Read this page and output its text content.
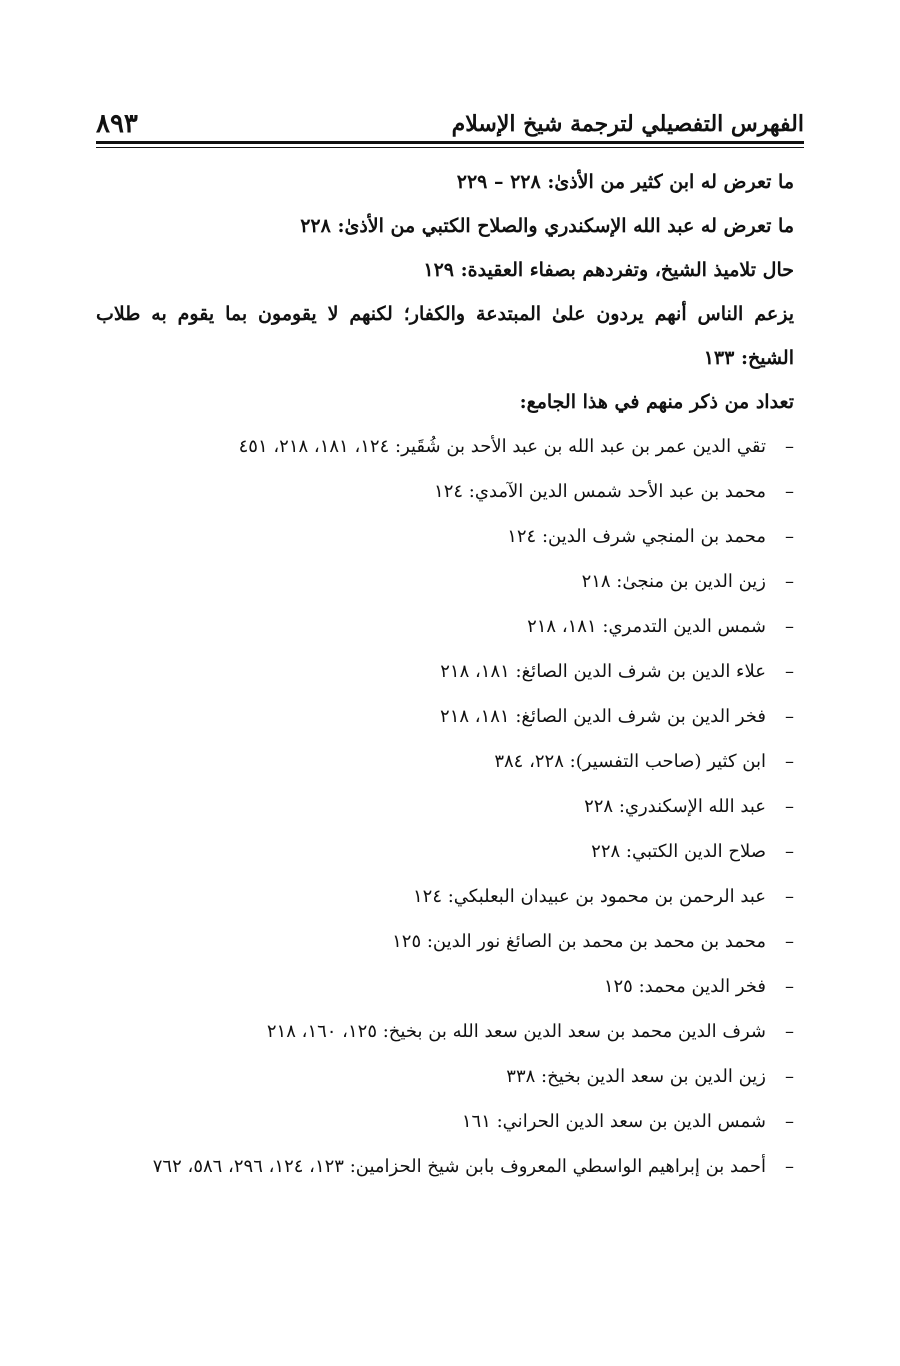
الفهرس التفصيلي لترجمة شيخ الإسلام
٨٩٣
ما تعرض له ابن كثير من الأذىٰ: ٢٢٨ – ٢٢٩
ما تعرض له عبد الله الإسكندري والصلاح الكتبي من الأذىٰ: ٢٢٨
حال تلاميذ الشيخ، وتفردهم بصفاء العقيدة: ١٢٩
يزعم الناس أنهم يردون علىٰ المبتدعة والكفار؛ لكنهم لا يقومون بما يقوم به طلاب الشيخ: ١٣٣
تعداد من ذكر منهم في هذا الجامع:
–
تقي الدين عمر بن عبد الله بن عبد الأحد بن شُقَير: ١٢٤، ١٨١، ٢١٨، ٤٥١
–
محمد بن عبد الأحد شمس الدين الآمدي: ١٢٤
–
محمد بن المنجي شرف الدين: ١٢٤
–
زين الدين بن منجىٰ: ٢١٨
–
شمس الدين التدمري: ١٨١، ٢١٨
–
علاء الدين بن شرف الدين الصائغ: ١٨١، ٢١٨
–
فخر الدين بن شرف الدين الصائغ: ١٨١، ٢١٨
–
ابن كثير (صاحب التفسير): ٢٢٨، ٣٨٤
–
عبد الله الإسكندري: ٢٢٨
–
صلاح الدين الكتبي: ٢٢٨
–
عبد الرحمن بن محمود بن عبيدان البعلبكي: ١٢٤
–
محمد بن محمد بن محمد بن الصائغ نور الدين: ١٢٥
–
فخر الدين محمد: ١٢٥
–
شرف الدين محمد بن سعد الدين سعد الله بن بخيخ: ١٢٥، ١٦٠، ٢١٨
–
زين الدين بن سعد الدين بخيخ: ٣٣٨
–
شمس الدين بن سعد الدين الحراني: ١٦١
–
أحمد بن إبراهيم الواسطي المعروف بابن شيخ الحزامين: ١٢٣، ١٢٤، ٢٩٦، ٥٨٦، ٧٦٢
